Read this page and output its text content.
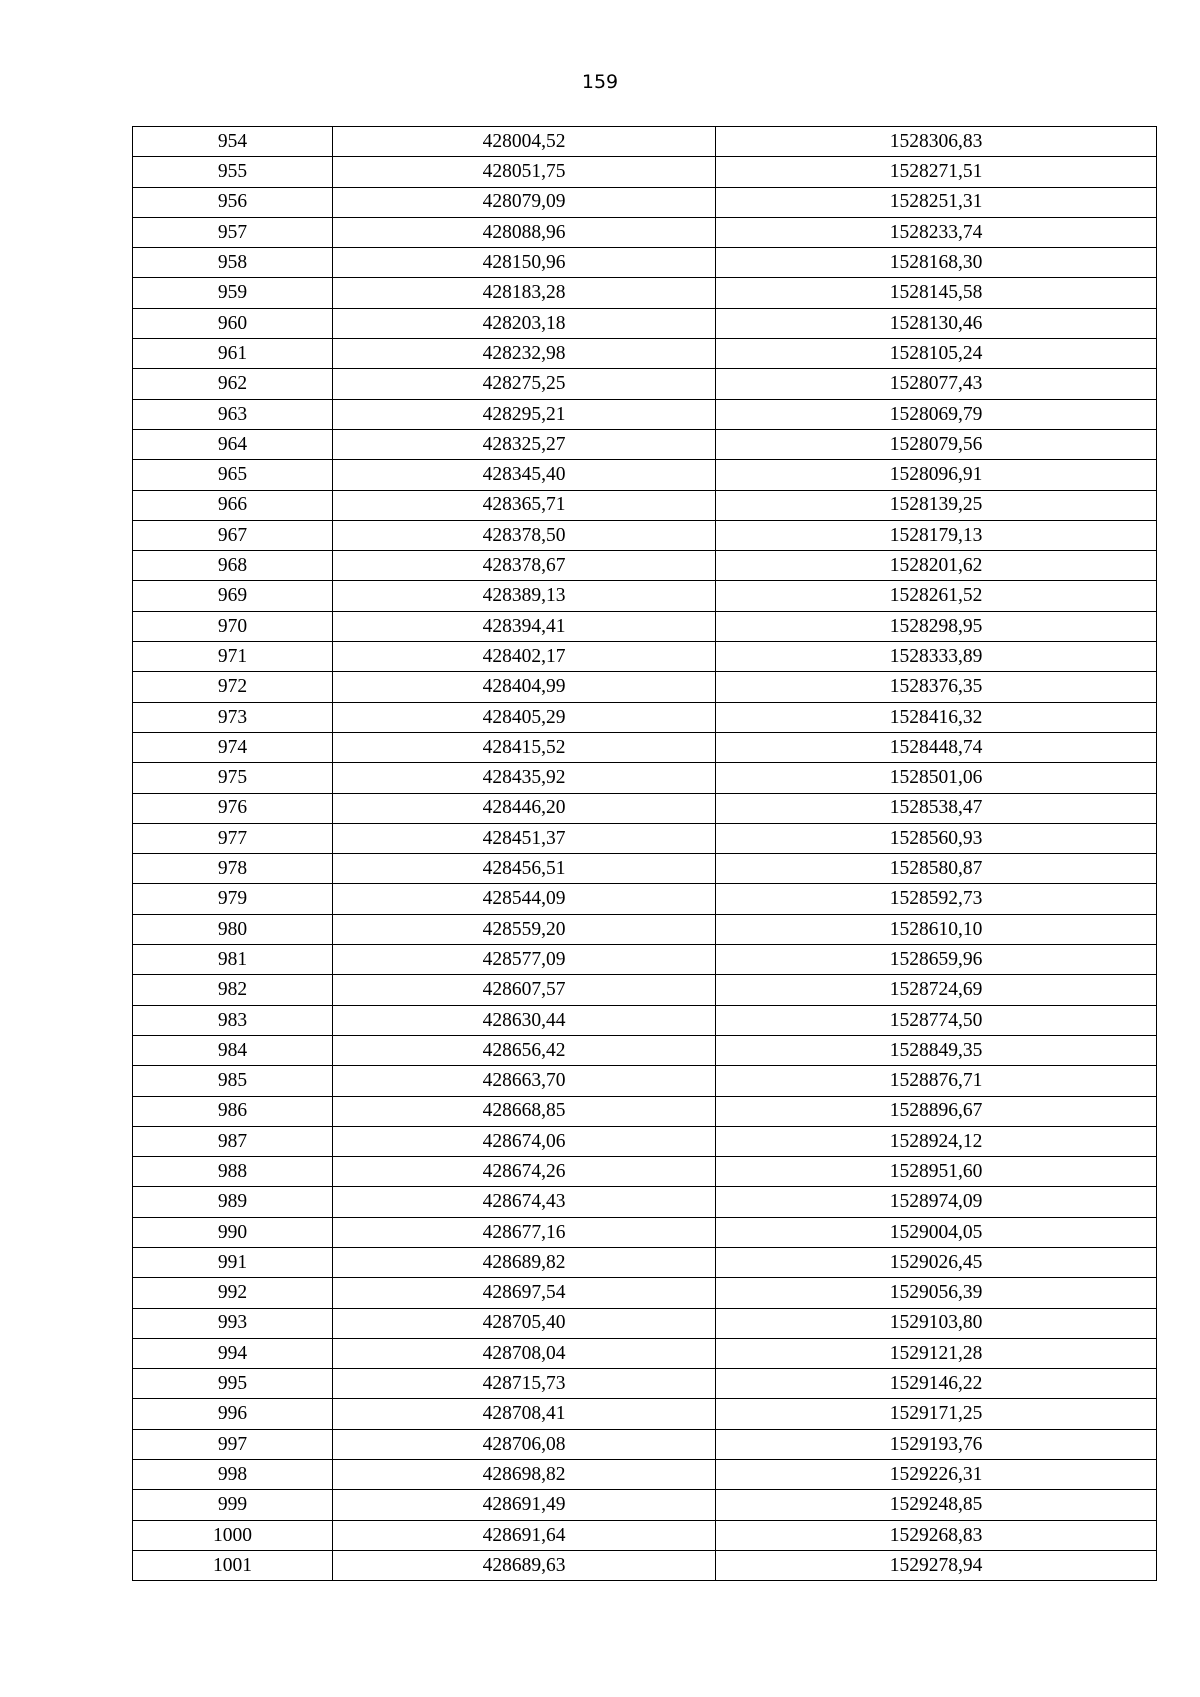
159
954	428004,52	1528306,83
955	428051,75	1528271,51
956	428079,09	1528251,31
957	428088,96	1528233,74
958	428150,96	1528168,30
959	428183,28	1528145,58
960	428203,18	1528130,46
961	428232,98	1528105,24
962	428275,25	1528077,43
963	428295,21	1528069,79
964	428325,27	1528079,56
965	428345,40	1528096,91
966	428365,71	1528139,25
967	428378,50	1528179,13
968	428378,67	1528201,62
969	428389,13	1528261,52
970	428394,41	1528298,95
971	428402,17	1528333,89
972	428404,99	1528376,35
973	428405,29	1528416,32
974	428415,52	1528448,74
975	428435,92	1528501,06
976	428446,20	1528538,47
977	428451,37	1528560,93
978	428456,51	1528580,87
979	428544,09	1528592,73
980	428559,20	1528610,10
981	428577,09	1528659,96
982	428607,57	1528724,69
983	428630,44	1528774,50
984	428656,42	1528849,35
985	428663,70	1528876,71
986	428668,85	1528896,67
987	428674,06	1528924,12
988	428674,26	1528951,60
989	428674,43	1528974,09
990	428677,16	1529004,05
991	428689,82	1529026,45
992	428697,54	1529056,39
993	428705,40	1529103,80
994	428708,04	1529121,28
995	428715,73	1529146,22
996	428708,41	1529171,25
997	428706,08	1529193,76
998	428698,82	1529226,31
999	428691,49	1529248,85
1000	428691,64	1529268,83
1001	428689,63	1529278,94
